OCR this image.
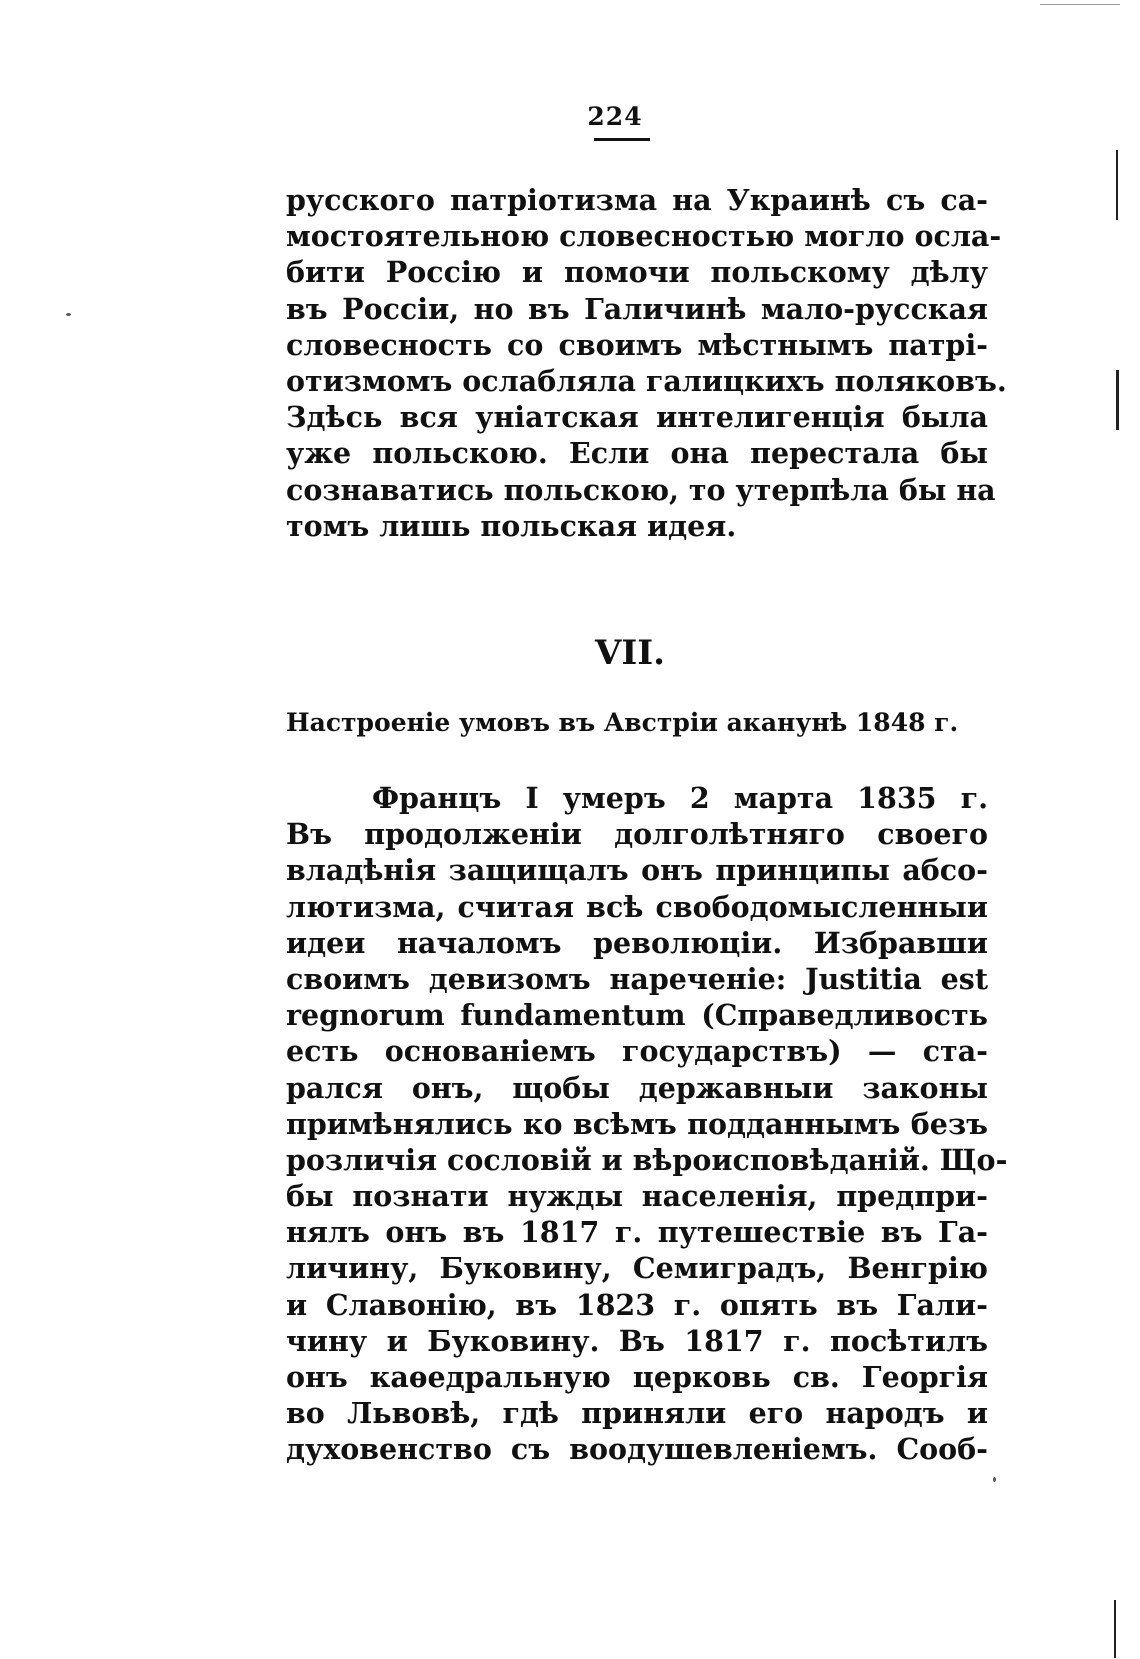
224
русского патріотизма на Украинѣ съ са-
мостоятельною словесностью могло осла-
бити Россію и помочи польскому дѣлу
въ Россіи, но въ Галичинѣ мало-русская
словесность со своимъ мѣстнымъ патрі-
отизмомъ ослабляла галицкихъ поляковъ.
Здѣсь вся уніатская интелигенція была
уже польскою. Если она перестала бы
сознаватись польскою, то утерпѣла бы на
томъ лишь польская идея.
VII.
Настроеніе умовъ въ Австріи аканунѣ 1848 г.
Францъ I умеръ 2 марта 1835 г.
Въ продолженіи долголѣтняго своего
владѣнія защищалъ онъ принципы абсо-
лютизма, считая всѣ свободомысленныи
идеи началомъ революціи. Избравши
своимъ девизомъ нареченіе: Justitia est
regnorum fundamentum (Справедливость
есть основаніемъ государствъ) — ста-
рался онъ, щобы державныи законы
примѣнялись ко всѣмъ подданнымъ безъ
розличія сословій и вѣроисповѣданій. Що-
бы познати нужды населенія, предпри-
нялъ онъ въ 1817 г. путешествіе въ Га-
личину, Буковину, Семиградъ, Венгрію
и Славонію, въ 1823 г. опять въ Гали-
чину и Буковину. Въ 1817 г. посѣтилъ
онъ каѳедральную церковь св. Георгія
во Львовѣ, гдѣ приняли его народъ и
духовенство съ воодушевленіемъ. Сооб-
